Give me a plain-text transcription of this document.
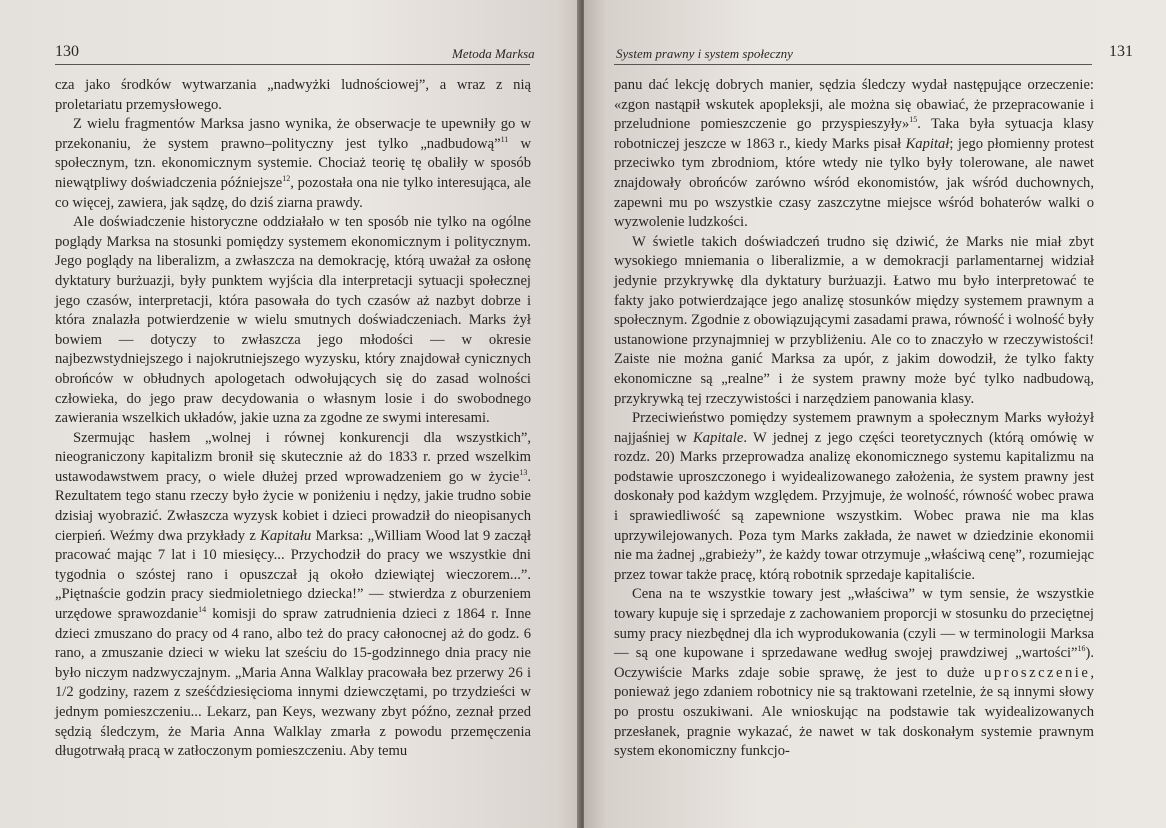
130	Metoda Marksa

cza jako środków wytwarzania „nadwyżki ludnościowej”, a wraz z nią proletariatu przemysłowego.

Z wielu fragmentów Marksa jasno wynika, że obserwacje te upewniły go w przekonaniu, że system prawno–polityczny jest tylko „nadbudową”$^{11}$ w społecznym, tzn. ekonomicznym systemie. Chociaż teorię tę obaliły w sposób niewątpliwy doświadczenia późniejsze$^{12}$, pozostała ona nie tylko interesująca, ale co więcej, zawiera, jak sądzę, do dziś ziarna prawdy.

Ale doświadczenie historyczne oddziałało w ten sposób nie tylko na ogólne poglądy Marksa na stosunki pomiędzy systemem ekonomicznym i politycznym. Jego poglądy na liberalizm, a zwłaszcza na demokrację, którą uważał za osłonę dyktatury burżuazji, były punktem wyjścia dla interpretacji sytuacji społecznej jego czasów, interpretacji, która pasowała do tych czasów aż nazbyt dobrze i która znalazła potwierdzenie w wielu smutnych doświadczeniach. Marks żył bowiem — dotyczy to zwłaszcza jego młodości — w okresie najbezwstydniejszego i najokrutniejszego wyzysku, który znajdował cynicznych obrońców w obłudnych apologetach odwołujących się do zasad wolności człowieka, do jego praw decydowania o własnym losie i do swobodnego zawierania wszelkich układów, jakie uzna za zgodne ze swymi interesami.

Szermując hasłem „wolnej i równej konkurencji dla wszystkich”, nieograniczony kapitalizm bronił się skutecznie aż do 1833 r. przed wszelkim ustawodawstwem pracy, o wiele dłużej przed wprowadzeniem go w życie$^{13}$. Rezultatem tego stanu rzeczy było życie w poniżeniu i nędzy, jakie trudno sobie dzisiaj wyobrazić. Zwłaszcza wyzysk kobiet i dzieci prowadził do nieopisanych cierpień. Weźmy dwa przykłady z Kapitału Marksa: „William Wood lat 9 zaczął pracować mając 7 lat i 10 miesięcy... Przychodził do pracy we wszystkie dni tygodnia o szóstej rano i opuszczał ją około dziewiątej wieczorem...”. „Piętnaście godzin pracy siedmioletniego dziecka!” — stwierdza z oburzeniem urzędowe sprawozdanie$^{14}$ komisji do spraw zatrudnienia dzieci z 1864 r. Inne dzieci zmuszano do pracy od 4 rano, albo też do pracy całonocnej aż do godz. 6 rano, a zmuszanie dzieci w wieku lat sześciu do 15-godzinnego dnia pracy nie było niczym nadzwyczajnym. „Maria Anna Walklay pracowała bez przerwy 26 i 1/2 godziny, razem z sześćdziesięcioma innymi dziewczętami, po trzydzieści w jednym pomieszczeniu... Lekarz, pan Keys, wezwany zbyt późno, zeznał przed sędzią śledczym, że Maria Anna Walklay zmarła z powodu przemęczenia długotrwałą pracą w zatłoczonym pomieszczeniu. Aby temu

System prawny i system społeczny	131

panu dać lekcję dobrych manier, sędzia śledczy wydał następujące orzeczenie: «zgon nastąpił wskutek apopleksji, ale można się obawiać, że przepracowanie i przeludnione pomieszczenie go przyspieszyły»$^{15}$. Taka była sytuacja klasy robotniczej jeszcze w 1863 r., kiedy Marks pisał Kapitał; jego płomienny protest przeciwko tym zbrodniom, które wtedy nie tylko były tolerowane, ale nawet znajdowały obrońców zarówno wśród ekonomistów, jak wśród duchownych, zapewni mu po wszystkie czasy zaszczytne miejsce wśród bohaterów walki o wyzwolenie ludzkości.

W świetle takich doświadczeń trudno się dziwić, że Marks nie miał zbyt wysokiego mniemania o liberalizmie, a w demokracji parlamentarnej widział jedynie przykrywkę dla dyktatury burżuazji. Łatwo mu było interpretować te fakty jako potwierdzające jego analizę stosunków między systemem prawnym a społecznym. Zgodnie z obowiązującymi zasadami prawa, równość i wolność były ustanowione przynajmniej w przybliżeniu. Ale co to znaczyło w rzeczywistości! Zaiste nie można ganić Marksa za upór, z jakim dowodził, że tylko fakty ekonomiczne są „realne” i że system prawny może być tylko nadbudową, przykrywką tej rzeczywistości i narzędziem panowania klasy.

Przeciwieństwo pomiędzy systemem prawnym a społecznym Marks wyłożył najjaśniej w Kapitale. W jednej z jego części teoretycznych (którą omówię w rozdz. 20) Marks przeprowadza analizę ekonomicznego systemu kapitalizmu na podstawie uproszczonego i wyidealizowanego założenia, że system prawny jest doskonały pod każdym względem. Przyjmuje, że wolność, równość wobec prawa i sprawiedliwość są zapewnione wszystkim. Wobec prawa nie ma klas uprzywilejowanych. Poza tym Marks zakłada, że nawet w dziedzinie ekonomii nie ma żadnej „grabieży”, że każdy towar otrzymuje „właściwą cenę”, rozumiejąc przez towar także pracę, którą robotnik sprzedaje kapitaliście.

Cena na te wszystkie towary jest „właściwa” w tym sensie, że wszystkie towary kupuje się i sprzedaje z zachowaniem proporcji w stosunku do przeciętnej sumy pracy niezbędnej dla ich wyprodukowania (czyli — w terminologii Marksa — są one kupowane i sprzedawane według swojej prawdziwej „wartości”$^{16}$). Oczywiście Marks zdaje sobie sprawę, że jest to duże uproszczenie, ponieważ jego zdaniem robotnicy nie są traktowani rzetelnie, że są innymi słowy po prostu oszukiwani. Ale wnioskując na podstawie tak wyidealizowanych przesłanek, pragnie wykazać, że nawet w tak doskonałym systemie prawnym system ekonomiczny funkcjo-
